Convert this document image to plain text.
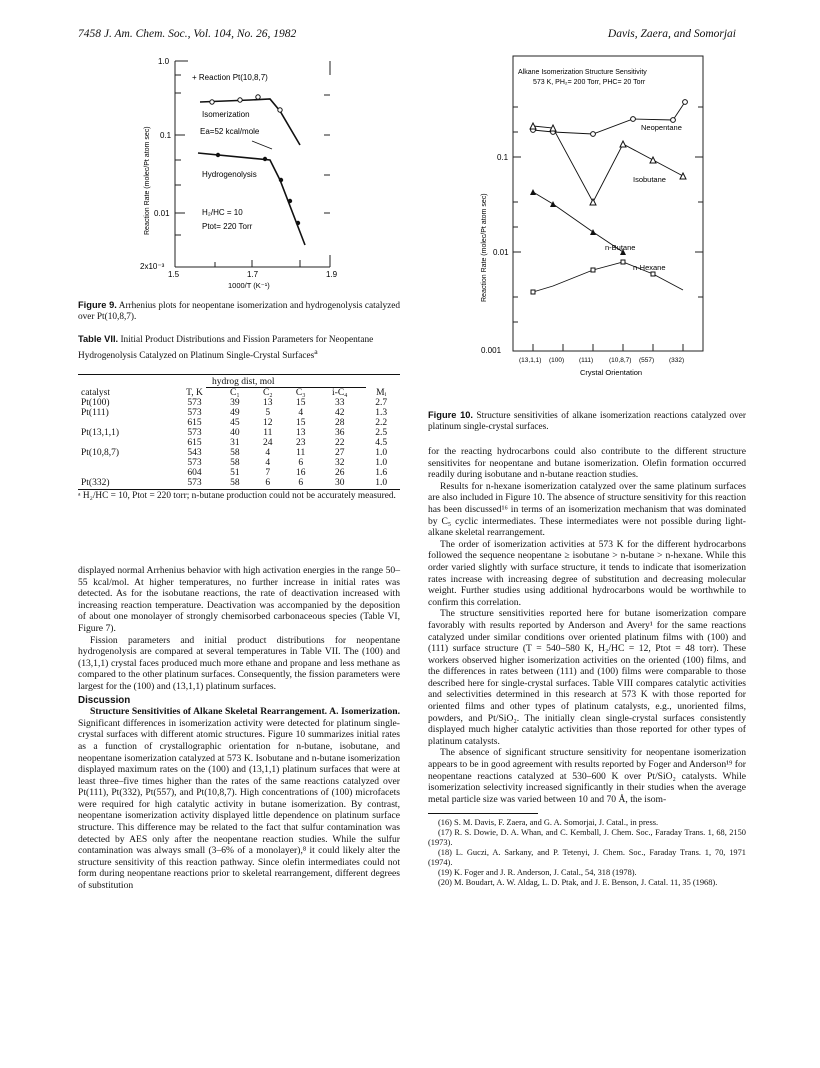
7458 J. Am. Chem. Soc., Vol. 104, No. 26, 1982	Davis, Zaera, and Somorjai
1.0
0.1
0.01
2x10⁻³
1.5	1.7	1.9
1000/T (K⁻¹)
Reaction Rate (molec/Pt atom sec)
+ Reaction Pt(10,8,7)
Isomerization
Ea=52 kcal/mole
Hydrogenolysis
H₂/HC = 10
Ptot= 220 Torr
Figure 9. Arrhenius plots for neopentane isomerization and hydrogenolysis catalyzed over Pt(10,8,7).
Table VII. Initial Product Distributions and Fission Parameters for Neopentane Hydrogenolysis Catalyzed on Platinum Single-Crystal Surfaces$^a$
hydrog dist, mol
catalyst	T, K	C₁	C₂	C₃	i-C₄	Mᵢ
Pt(100)	573	39	13	15	33	2.7
Pt(111)	573	49	5	4	42	1.3
	615	45	12	15	28	2.2
Pt(13,1,1)	573	40	11	13	36	2.5
	615	31	24	23	22	4.5
Pt(10,8,7)	543	58	4	11	27	1.0
	573	58	4	6	32	1.0
	604	51	7	16	26	1.6
Pt(332)	573	58	6	6	30	1.0
ᵃ H₂/HC = 10, Ptot = 220 torr; n-butane production could not be accurately measured.

displayed normal Arrhenius behavior with high activation energies in the range 50–55 kcal/mol. At higher temperatures, no further increase in initial rates was detected. As for the isobutane reactions, the rate of deactivation increased with increasing reaction temperature. Deactivation was accompanied by the deposition of about one monolayer of strongly chemisorbed carbonaceous species (Table VI, Figure 7).

Fission parameters and initial product distributions for neopentane hydrogenolysis are compared at several temperatures in Table VII. The (100) and (13,1,1) crystal faces produced much more ethane and propane and less methane as compared to the other platinum surfaces. Consequently, the fission parameters were largest for the (100) and (13,1,1) platinum surfaces.

Discussion

Structure Sensitivities of Alkane Skeletal Rearrangement. A. Isomerization. Significant differences in isomerization activity were detected for platinum single-crystal surfaces with different atomic structures. Figure 10 summarizes initial rates as a function of crystallographic orientation for n-butane, isobutane, and neopentane isomerization catalyzed at 573 K. Isobutane and n-butane isomerization displayed maximum rates on the (100) and (13,1,1) platinum surfaces that were at least three–five times higher than the rates of the same reactions catalyzed over Pt(111), Pt(332), Pt(557), and Pt(10,8,7). High concentrations of (100) microfacets were required for high catalytic activity in butane isomerization. By contrast, neopentane isomerization activity displayed little dependence on platinum surface structure. This difference may be related to the fact that sulfur contamination was detected by AES only after the neopentane reaction studies. While the sulfur contamination was always small (3–6% of a monolayer),⁸ it could likely alter the structure sensitivity of this reaction pathway. Since olefin intermediates could not form during neopentane reactions prior to skeletal rearrangement, different degrees of substitution

0.1
0.01
0.001
Reaction Rate (molec/Pt atom sec)
Alkane Isomerization Structure Sensitivity
573 K, PH₂= 200 Torr, PHC= 20 Torr
(13,1,1) (100) (111) (10,8,7) (557) (332)
Crystal Orientation
Neopentane
Isobutane
n-Butane
n-Hexane
Figure 10. Structure sensitivities of alkane isomerization reactions catalyzed over platinum single-crystal surfaces.

for the reacting hydrocarbons could also contribute to the different structure sensitivites for neopentane and butane isomerization. Olefin formation occurred readily during isobutane and n-butane reaction studies.

Results for n-hexane isomerization catalyzed over the same platinum surfaces are also included in Figure 10. The absence of structure sensitivity for this reaction has been discussed¹⁶ in terms of an isomerization mechanism that was dominated by C₅ cyclic intermediates. These intermediates were not possible during light-alkane skeletal rearrangement.

The order of isomerization activities at 573 K for the different hydrocarbons followed the sequence neopentane ≥ isobutane > n-butane > n-hexane. While this order varied slightly with surface structure, it tends to indicate that isomerization rates increase with increasing degree of substitution and decreasing molecular weight. Further studies using additional hydrocarbons would be worthwhile to confirm this correlation.

The structure sensitivities reported here for butane isomerization compare favorably with results reported by Anderson and Avery¹ for the same reactions catalyzed under similar conditions over oriented platinum films with (100) and (111) surface structure (T = 540–580 K, H₂/HC = 12, Ptot = 48 torr). These workers observed higher isomerization activities on the oriented (100) films, and the differences in rates between (111) and (100) films were comparable to those described here for single-crystal surfaces. Table VIII compares catalytic activities and selectivities determined in this research at 573 K with those reported for oriented films and other types of platinum catalysts, e.g., unoriented films, powders, and Pt/SiO₂. The initially clean single-crystal surfaces consistently displayed much higher catalytic activities than those reported for other types of platinum catalysts.

The absence of significant structure sensitivity for neopentane isomerization appears to be in good agreement with results reported by Foger and Anderson¹⁹ for neopentane reactions catalyzed at 530–600 K over Pt/SiO₂ catalysts. While isomerization selectivity increased significantly in their studies when the average metal particle size was varied between 10 and 70 Å, the isom-

(16) S. M. Davis, F. Zaera, and G. A. Somorjai, J. Catal., in press.
(17) R. S. Dowie, D. A. Whan, and C. Kemball, J. Chem. Soc., Faraday Trans. 1, 68, 2150 (1973).
(18) L. Guczi, A. Sarkany, and P. Tetenyi, J. Chem. Soc., Faraday Trans. 1, 70, 1971 (1974).
(19) K. Foger and J. R. Anderson, J. Catal., 54, 318 (1978).
(20) M. Boudart, A. W. Aldag, L. D. Ptak, and J. E. Benson, J. Catal. 11, 35 (1968).
